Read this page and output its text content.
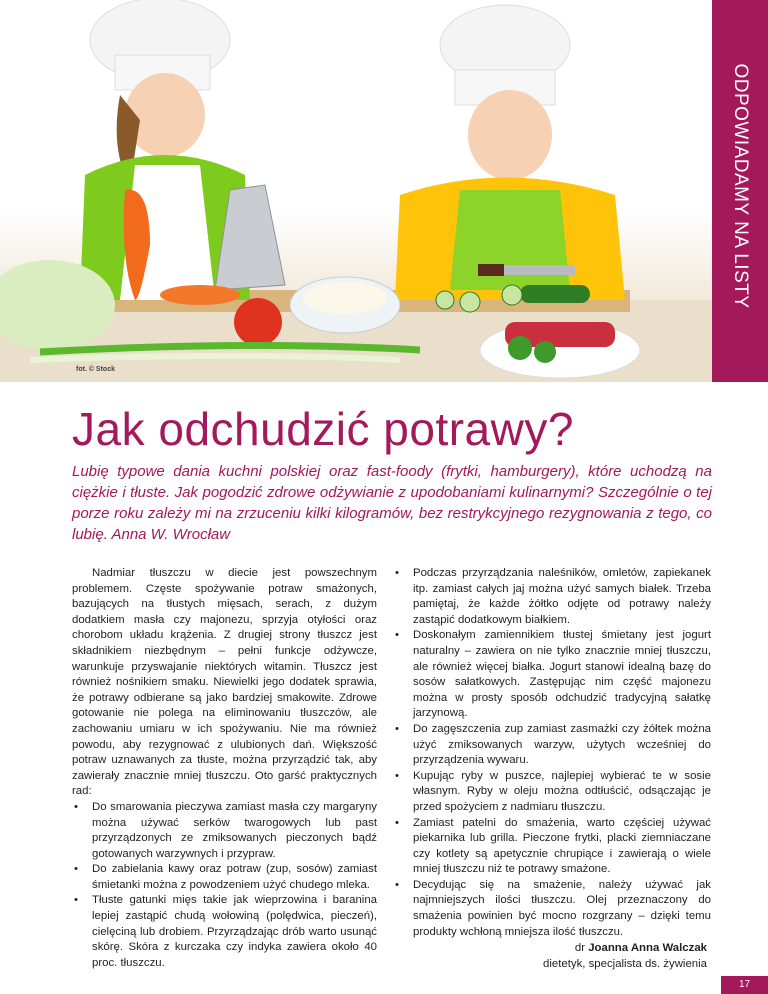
fot. © Stock
ODPOWIADAMY NA LISTY
Jak odchudzić potrawy?

Lubię typowe dania kuchni polskiej oraz fast-foody (frytki, hamburgery), które uchodzą na ciężkie i tłuste. Jak pogodzić zdrowe odżywianie z upodobaniami kulinarnymi? Szczególnie o tej porze roku zależy mi na zrzuceniu kilki kilogramów, bez restrykcyjnego rezygnowania z tego, co lubię. Anna W. Wrocław

Nadmiar tłuszczu w diecie jest powszechnym problemem. Częste spożywanie potraw smażonych, bazujących na tłustych mięsach, serach, z dużym dodatkiem masła czy majonezu, sprzyja otyłości oraz chorobom układu krążenia. Z drugiej strony tłuszcz jest składnikiem niezbędnym – pełni funkcje odżywcze, warunkuje przyswajanie niektórych witamin. Tłuszcz jest również nośnikiem smaku. Niewielki jego dodatek sprawia, że potrawy odbierane są jako bardziej smakowite. Zdrowe gotowanie nie polega na eliminowaniu tłuszczów, ale zachowaniu umiaru w ich spożywaniu. Nie ma również powodu, aby rezygnować z ulubionych dań. Większość potraw uznawanych za tłuste, można przyrządzić tak, aby zawierały znacznie mniej tłuszczu. Oto garść praktycznych rad:

• Do smarowania pieczywa zamiast masła czy margaryny można używać serków twarogowych lub past przyrządzonych ze zmiksowanych pieczonych bądź gotowanych warzywnych i przypraw.
• Do zabielania kawy oraz potraw (zup, sosów) zamiast śmietanki można z powodzeniem użyć chudego mleka.
• Tłuste gatunki mięs takie jak wieprzowina i baranina lepiej zastąpić chudą wołowiną (polędwica, pieczeń), cielęciną lub drobiem. Przyrządzając drób warto usunąć skórę. Skóra z kurczaka czy indyka zawiera około 40 proc. tłuszczu.
• Podczas przyrządzania naleśników, omletów, zapiekanek itp. zamiast całych jaj można użyć samych białek. Trzeba pamiętaj, że każde żółtko odjęte od potrawy należy zastąpić dodatkowym białkiem.
• Doskonałym zamiennikiem tłustej śmietany jest jogurt naturalny – zawiera on nie tylko znacznie mniej tłuszczu, ale również więcej białka. Jogurt stanowi idealną bazę do sosów sałatkowych. Zastępując nim część majonezu można w prosty sposób odchudzić tradycyjną sałatkę jarzynową.
• Do zagęszczenia zup zamiast zasmażki czy żółtek można użyć zmiksowanych warzyw, użytych wcześniej do przyrządzenia wywaru.
• Kupując ryby w puszce, najlepiej wybierać te w sosie własnym. Ryby w oleju można odtłuścić, odsączając je przed spożyciem z nadmiaru tłuszczu.
• Zamiast patelni do smażenia, warto częściej używać piekarnika lub grilla. Pieczone frytki, placki ziemniaczane czy kotlety są apetycznie chrupiące i zawierają o wiele mniej tłuszczu niż te potrawy smażone.
• Decydując się na smażenie, należy używać jak najmniejszych ilości tłuszczu. Olej przeznaczony do smażenia powinien być mocno rozgrzany – dzięki temu produkty wchłoną mniejsza ilość tłuszczu.
dr Joanna Anna Walczak
dietetyk, specjalista ds. żywienia
17
